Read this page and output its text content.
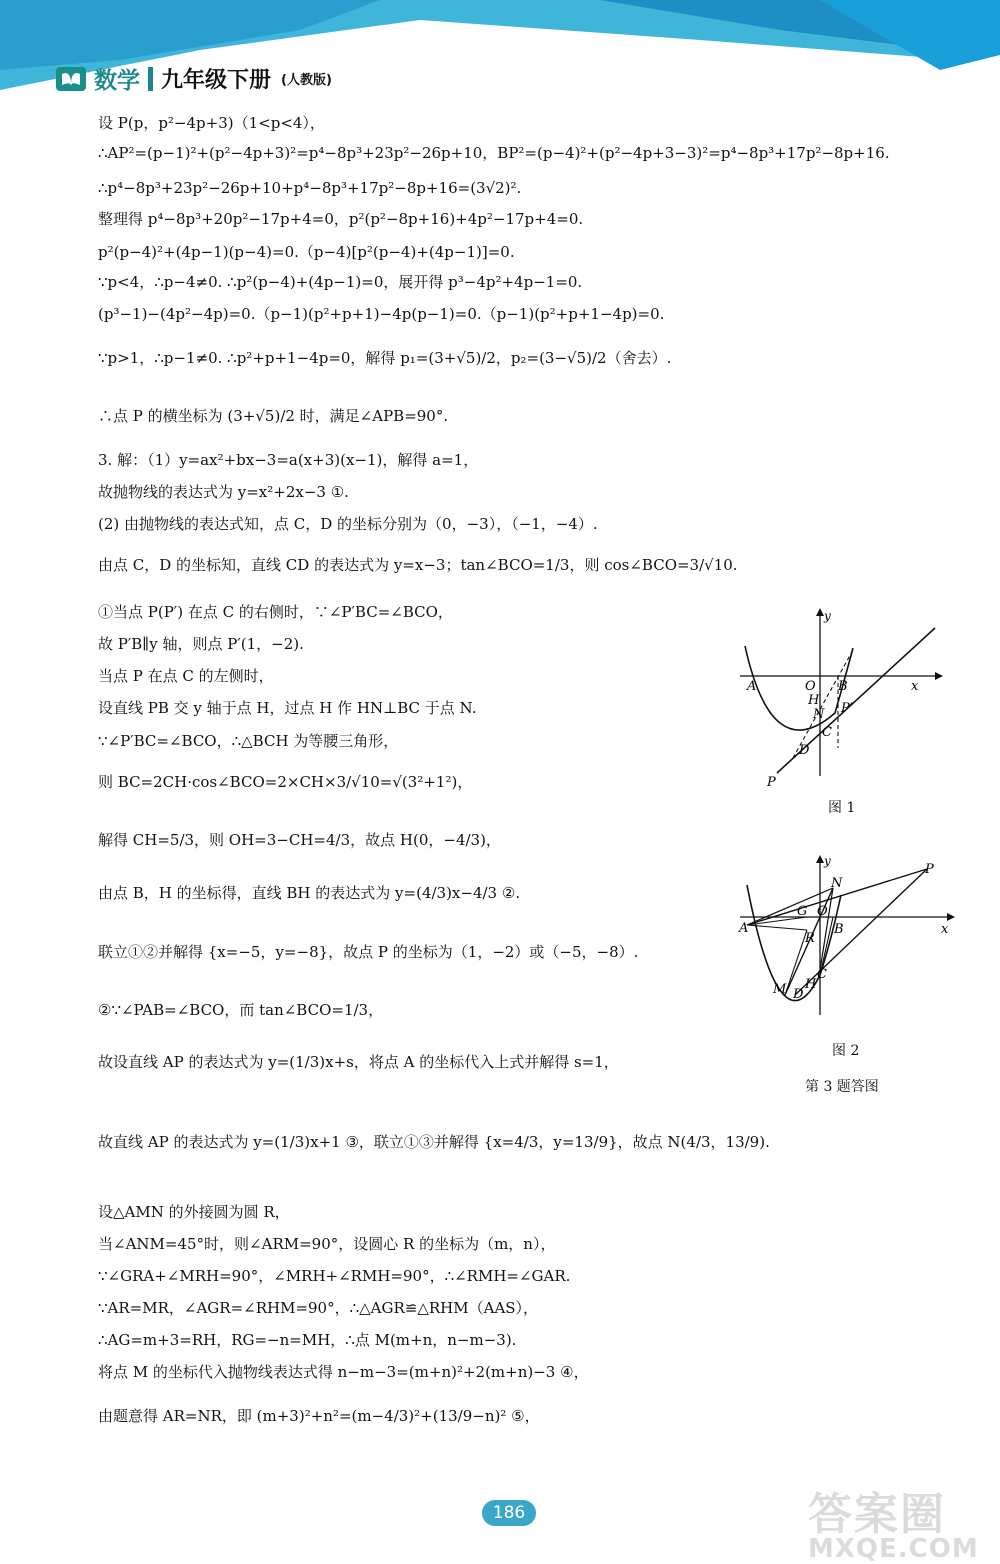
数学 九年级下册 (人教版)
设 P(p，p²−4p+3)（1<p<4），
∴AP²=(p−1)²+(p²−4p+3)²=p⁴−8p³+23p²−26p+10，BP²=(p−4)²+(p²−4p+3−3)²=p⁴−8p³+17p²−8p+16.
∴p⁴−8p³+23p²−26p+10+p⁴−8p³+17p²−8p+16=(3√2)².
整理得 p⁴−8p³+20p²−17p+4=0，p²(p²−8p+16)+4p²−17p+4=0.
p²(p−4)²+(4p−1)(p−4)=0.（p−4)[p²(p−4)+(4p−1)]=0.
∵p<4，∴p−4≠0. ∴p²(p−4)+(4p−1)=0，展开得 p³−4p²+4p−1=0.
(p³−1)−(4p²−4p)=0.（p−1)(p²+p+1)−4p(p−1)=0.（p−1)(p²+p+1−4p)=0.
∵p>1，∴p−1≠0. ∴p²+p+1−4p=0，解得 p₁=(3+√5)/2，p₂=(3−√5)/2（舍去）.
∴点 P 的横坐标为 (3+√5)/2 时，满足∠APB=90°.
3. 解：（1）y=ax²+bx−3=a(x+3)(x−1)，解得 a=1，
故抛物线的表达式为 y=x²+2x−3 ①.
(2) 由抛物线的表达式知，点 C，D 的坐标分别为（0，−3），（−1，−4）.
由点 C，D 的坐标知，直线 CD 的表达式为 y=x−3；tan∠BCO=1/3，则 cos∠BCO=3/√10.
①当点 P(P′) 在点 C 的右侧时，∵∠P′BC=∠BCO，
故 P′B∥y 轴，则点 P′(1，−2).
当点 P 在点 C 的左侧时，
设直线 PB 交 y 轴于点 H，过点 H 作 HN⊥BC 于点 N.
∵∠P′BC=∠BCO，∴△BCH 为等腰三角形，
则 BC=2CH·cos∠BCO=2×CH×3/√10=√(3²+1²)，
解得 CH=5/3，则 OH=3−CH=4/3，故点 H(0，−4/3)，
由点 B，H 的坐标得，直线 BH 的表达式为 y=(4/3)x−4/3 ②.
联立①②并解得 {x=−5，y=−8}，故点 P 的坐标为（1，−2）或（−5，−8）.
②∵∠PAB=∠BCO，而 tan∠BCO=1/3，
故设直线 AP 的表达式为 y=(1/3)x+s，将点 A 的坐标代入上式并解得 s=1，
故直线 AP 的表达式为 y=(1/3)x+1 ③，联立①③并解得 {x=4/3，y=13/9}，故点 N(4/3，13/9).
设△AMN 的外接圆为圆 R，
当∠ANM=45°时，则∠ARM=90°，设圆心 R 的坐标为（m，n），
∵∠GRA+∠MRH=90°，∠MRH+∠RMH=90°，∴∠RMH=∠GAR.
∵AR=MR，∠AGR=∠RHM=90°，∴△AGR≌△RHM（AAS），
∴AG=m+3=RH，RG=−n=MH，∴点 M(m+n，n−m−3).
将点 M 的坐标代入抛物线表达式得 n−m−3=(m+n)²+2(m+n)−3 ④，
由题意得 AR=NR，即 (m+3)²+n²=(m−4/3)²+(13/9−n)² ⑤，
y
x
A	O B
H
N P′
C
D
P
图 1
y
x
P
N
G O
A
R
B
C
M D
H
图 2
第 3 题答图
186	答案圈
MXQE.COM
